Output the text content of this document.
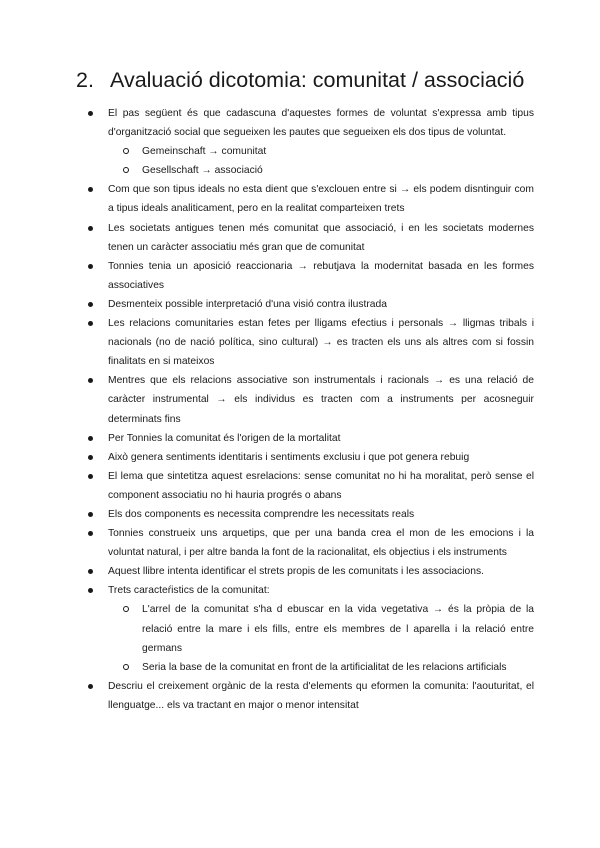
2. Avaluació dicotomia: comunitat / associació
El pas següent és que cadascuna d'aquestes formes de voluntat s'expressa amb tipus d'organització social que segueixen les pautes que segueixen els dos tipus de voluntat.
Gemeinschaft → comunitat
Gesellschaft → associació
Com que son tipus ideals no esta dient que s'exclouen entre si → els podem disntinguir com a tipus ideals analiticament, pero en la realitat comparteixen trets
Les societats antigues tenen més comunitat que associació, i en les societats modernes tenen un caràcter associatiu més gran que de comunitat
Tonnies tenia un aposició reaccionaria → rebutjava la modernitat basada en les formes associatives
Desmenteix possible interpretació d'una visió contra ilustrada
Les relacions comunitaries estan fetes per lligams efectius i personals → lligmas tribals i nacionals (no de nació política, sino cultural) → es tracten els uns als altres com si fossin finalitats en si mateixos
Mentres que els relacions associative son instrumentals i racionals → es una relació de caràcter instrumental → els individus es tracten com a instruments per acosneguir determinats fins
Per Tonnies la comunitat és l'origen de la mortalitat
Això genera sentiments identitaris i sentiments exclusiu i que pot genera rebuig
El lema que sintetitza aquest esrelacions: sense comunitat no hi ha moralitat, però sense el component associatiu no hi hauria progrés o abans
Els dos components es necessita comprendre les necessitats reals
Tonnies construeix uns arquetips, que per una banda crea el mon de les emocions i la voluntat natural, i per altre banda la font de la racionalitat, els objectius i els instruments
Aquest llibre intenta identificar el strets propis de les comunitats i les associacions.
Trets caracteŕistics de la comunitat:
L'arrel de la comunitat s'ha d ebuscar en la vida vegetativa → és la pròpia de la relació entre la mare i els fills, entre els membres de l aparella i la relació entre germans
Seria la base de la comunitat en front de la artificialitat de les relacions artificials
Descriu el creixement orgànic de la resta d'elements qu eformen la comunita: l'aouturitat, el llenguatge... els va tractant en major o menor intensitat
